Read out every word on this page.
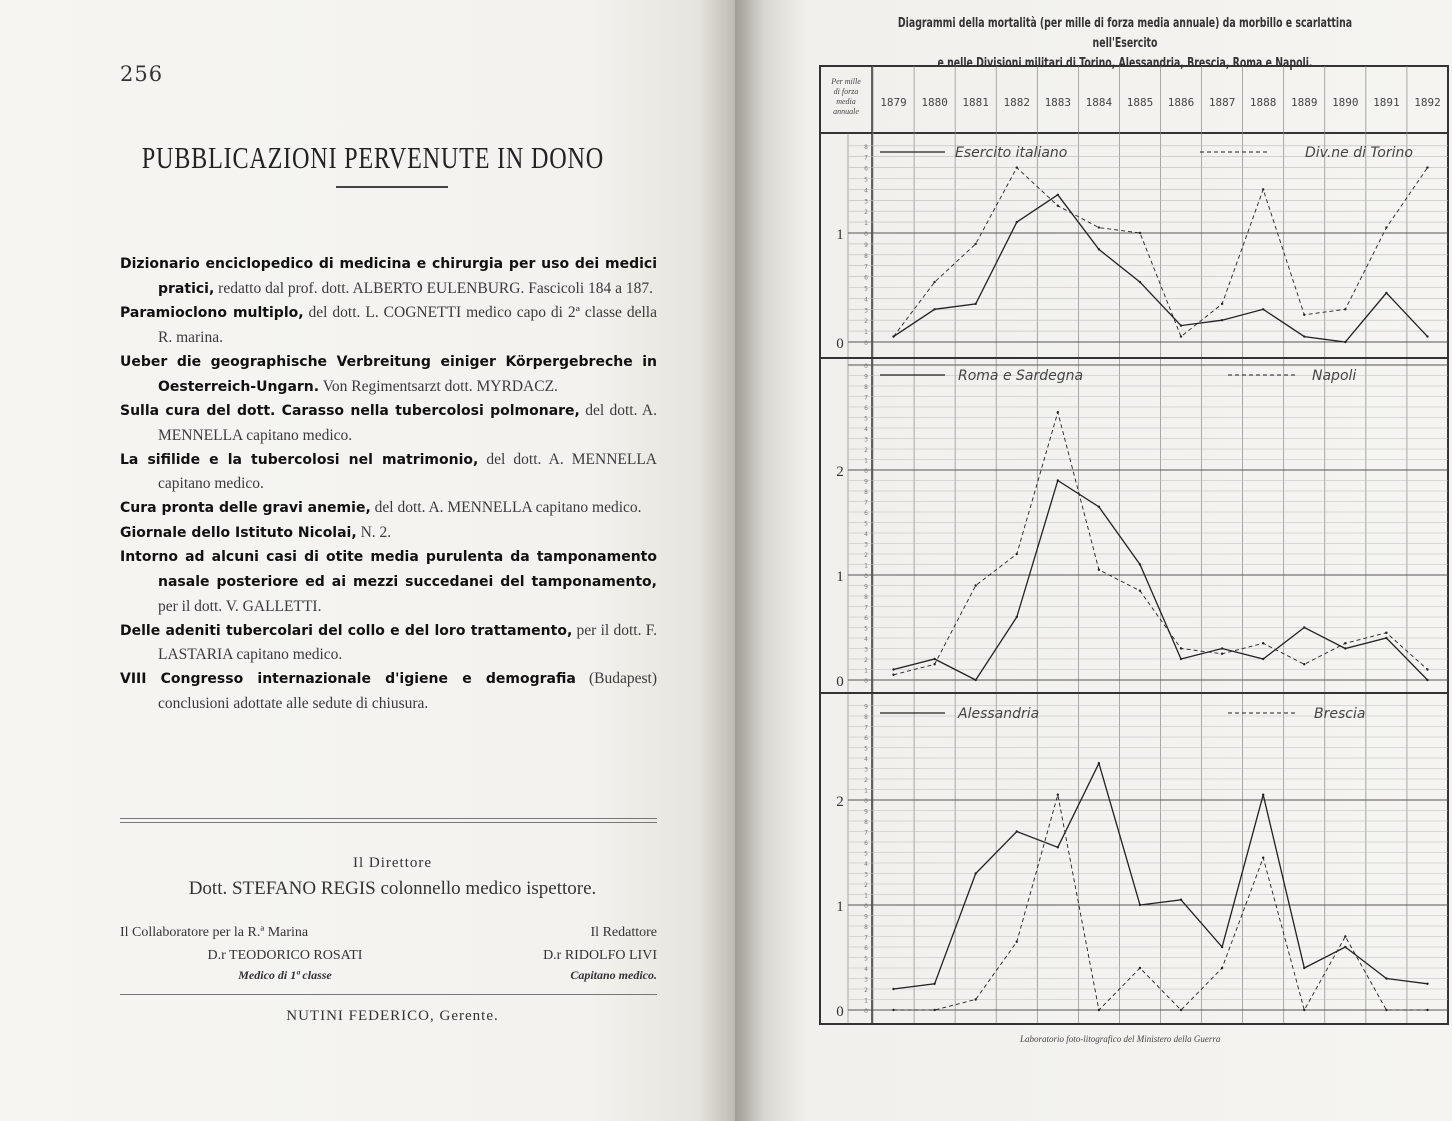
256
PUBBLICAZIONI PERVENUTE IN DONO
Dizionario enciclopedico di medicina e chirurgia per uso dei medici pratici, redatto dal prof. dott. ALBERTO EULENBURG. Fascicoli 184 a 187.
Paramioclono multiplo, del dott. L. COGNETTI medico capo di 2ª classe della R. marina.
Ueber die geographische Verbreitung einiger Körpergebreche in Oesterreich-Ungarn. Von Regimentsarzt dott. MYRDACZ.
Sulla cura del dott. Carasso nella tubercolosi polmonare, del dott. A. MENNELLA capitano medico.
La sifilide e la tubercolosi nel matrimonio, del dott. A. MENNELLA capitano medico.
Cura pronta delle gravi anemie, del dott. A. MENNELLA capitano medico.
Giornale dello Istituto Nicolai, N. 2.
Intorno ad alcuni casi di otite media purulenta da tamponamento nasale posteriore ed ai mezzi succedanei del tamponamento, per il dott. V. GALLETTI.
Delle adeniti tubercolari del collo e del loro trattamento, per il dott. F. LASTARIA capitano medico.
VIII Congresso internazionale d'igiene e demografia (Budapest) conclusioni adottate alle sedute di chiusura.
Il Direttore
Dott. STEFANO REGIS colonnello medico ispettore.
Il Collaboratore per la R.ª Marina
D.r TEODORICO ROSATI
Medico di 1ª classe
Il Redattore
D.r RIDOLFO LIVI
Capitano medico.
NUTINI FEDERICO, Gerente.
Diagrammi della mortalità (per mille di forza media annuale) da morbillo e scarlattina nell'Esercito
e nelle Divisioni militari di Torino, Alessandria, Brescia, Roma e Napoli.
Per mille di forza media annuale
1879 1880 1881 1882 1883 1884 1885 1886 1887 1888 1889 1890 1891 1892
0
1
2
3
4
5
6
7
8
9
0
1
2
3
4
5
6
7
8
1
0
Esercito italiano	Div.ne di Torino
0
1
2
3
4
5
6
7
8
9
0
1
2
3
4
5
6
7
8
9
0
1
2
3
4
5
6
7
8
9
0
2
1
0
Roma e Sardegna	Napoli
0
1
2
3
4
5
6
7
8
9
0
1
2
3
4
5
6
7
8
9
0
1
2
3
4
5
6
7
8
9
2
1
0
Alessandria	Brescia
Laboratorio foto-litografico del Ministero della Guerra
